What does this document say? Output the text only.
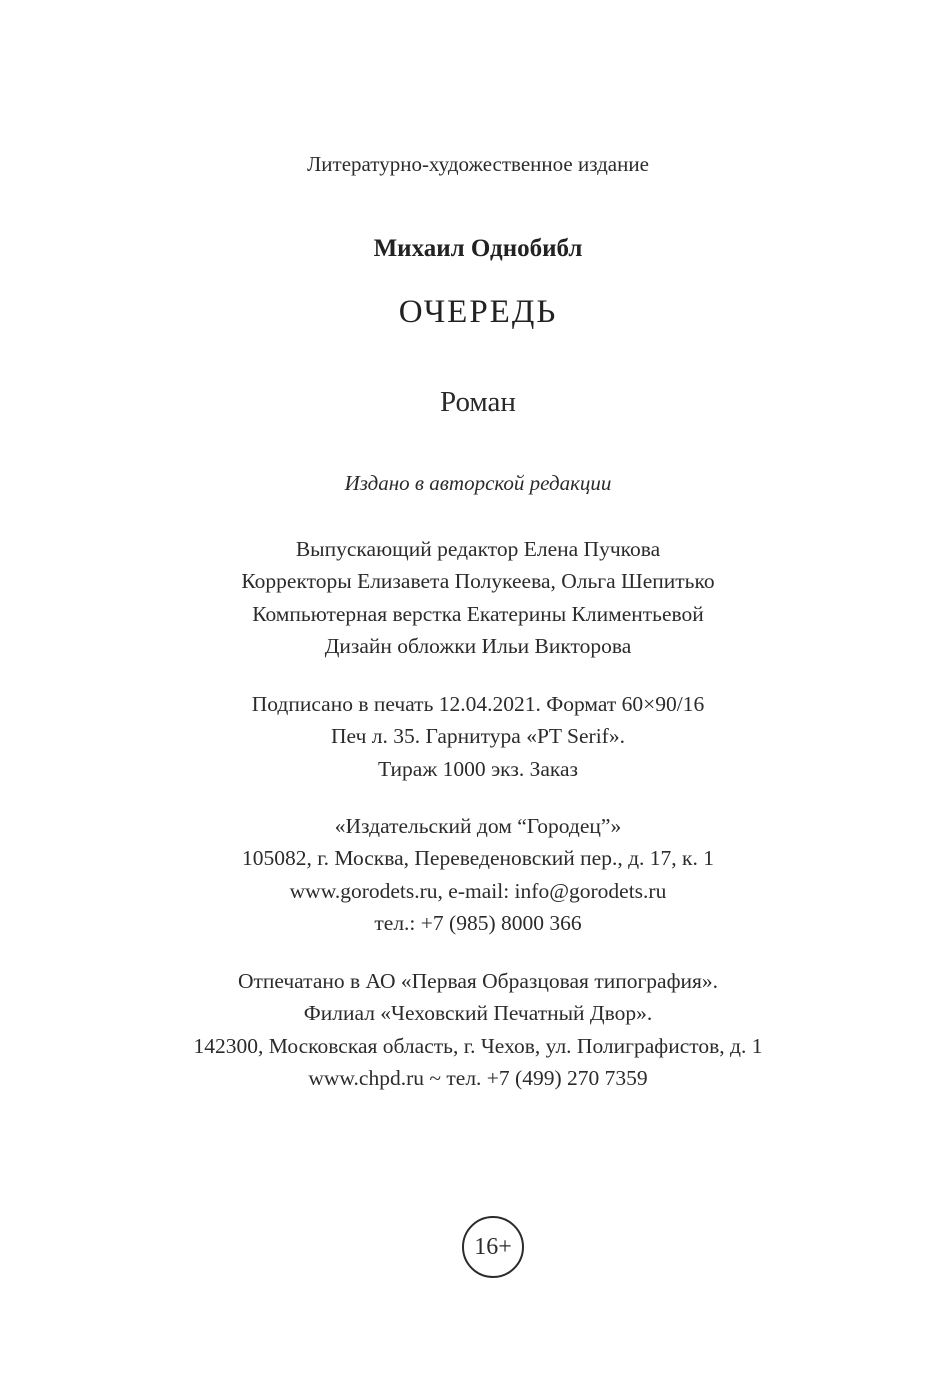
Литературно-художественное издание
Михаил Однобибл
ОЧЕРЕДЬ
Роман
Издано в авторской редакции
Выпускающий редактор Елена Пучкова
Корректоры Елизавета Полукеева, Ольга Шепитько
Компьютерная верстка Екатерины Климентьевой
Дизайн обложки Ильи Викторова
Подписано в печать 12.04.2021. Формат 60×90/16
Печ л. 35. Гарнитура «PT Serif».
Тираж 1000 экз. Заказ
«Издательский дом “Городец”»
105082, г. Москва, Переведеновский пер., д. 17, к. 1
www.gorodets.ru, e-mail: info@gorodets.ru
тел.: +7 (985) 8000 366
Отпечатано в АО «Первая Образцовая типография».
Филиал «Чеховский Печатный Двор».
142300, Московская область, г. Чехов, ул. Полиграфистов, д. 1
www.chpd.ru ~ тел. +7 (499) 270 7359
16+
